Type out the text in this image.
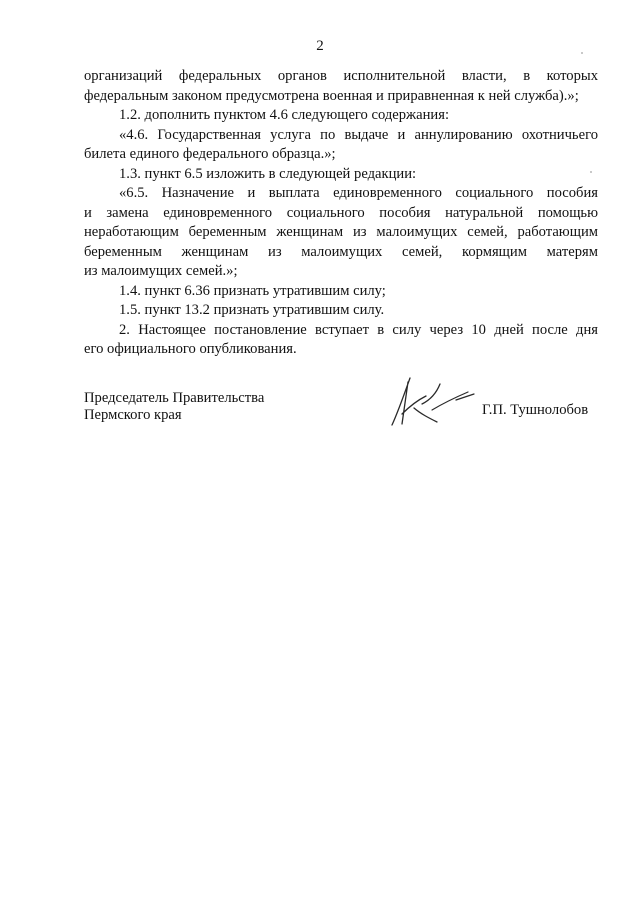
2
организаций федеральных органов исполнительной власти, в которых
федеральным законом предусмотрена военная и приравненная к ней служба).»;
1.2. дополнить пунктом 4.6 следующего содержания:
«4.6. Государственная услуга по выдаче и аннулированию охотничьего
билета единого федерального образца.»;
1.3. пункт 6.5 изложить в следующей редакции:
«6.5. Назначение и выплата единовременного социального пособия
и замена единовременного социального пособия натуральной помощью
неработающим беременным женщинам из малоимущих семей, работающим
беременным женщинам из малоимущих семей, кормящим матерям
из малоимущих семей.»;
1.4. пункт 6.36 признать утратившим силу;
1.5. пункт 13.2 признать утратившим силу.
2. Настоящее постановление вступает в силу через 10 дней после дня
его официального опубликования.
Председатель Правительства
Пермского края	Г.П. Тушнолобов
